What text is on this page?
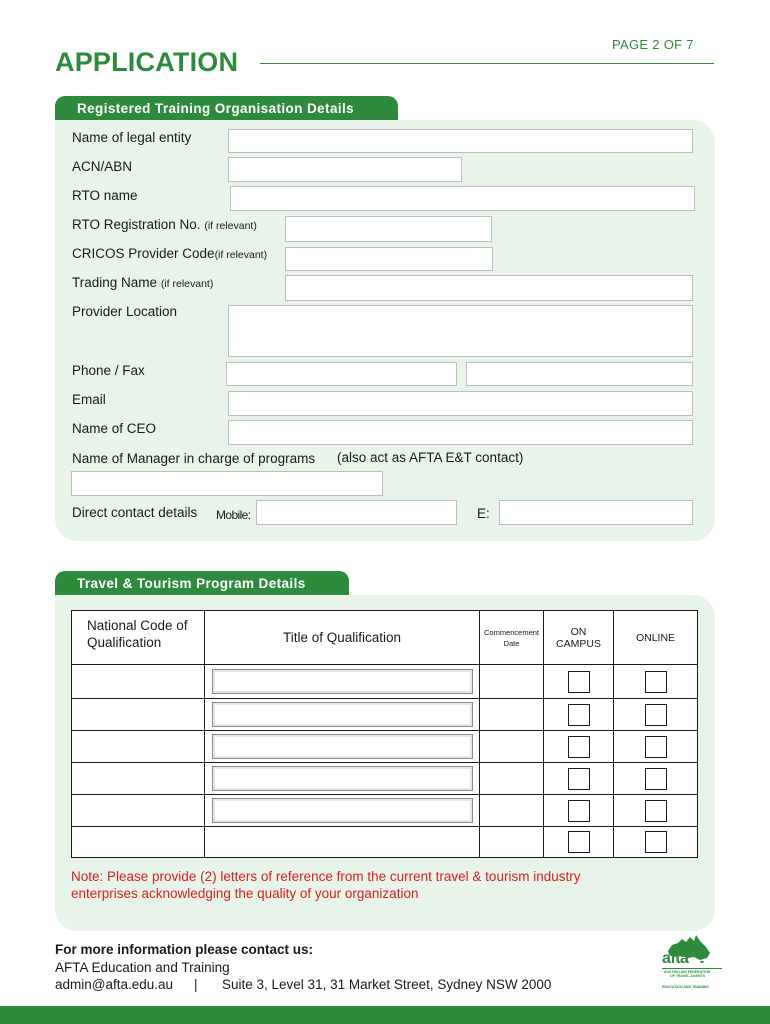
PAGE 2 OF 7
APPLICATION
Registered Training Organisation Details
Name of legal entity
ACN/ABN
RTO name
RTO Registration No. (if relevant)
CRICOS Provider Code(if relevant)
Trading Name (if relevant)
Provider Location
Phone / Fax
Email
Name of CEO
Name of Manager in charge of programs (also act as AFTA E&T contact)
Direct contact details Mobile:	E:
Travel & Tourism Program Details
National Code of Qualification	Title of Qualification	Commencement Date	ON CAMPUS	ONLINE

Note: Please provide (2) letters of reference from the current travel & tourism industry enterprises acknowledging the quality of your organization
For more information please contact us:
AFTA Education and Training
admin@afta.edu.au | Suite 3, Level 31, 31 Market Street, Sydney NSW 2000
afta
AUSTRALIAN FEDERATION
OF TRAVEL AGENTS
EDUCATION AND TRAINING
